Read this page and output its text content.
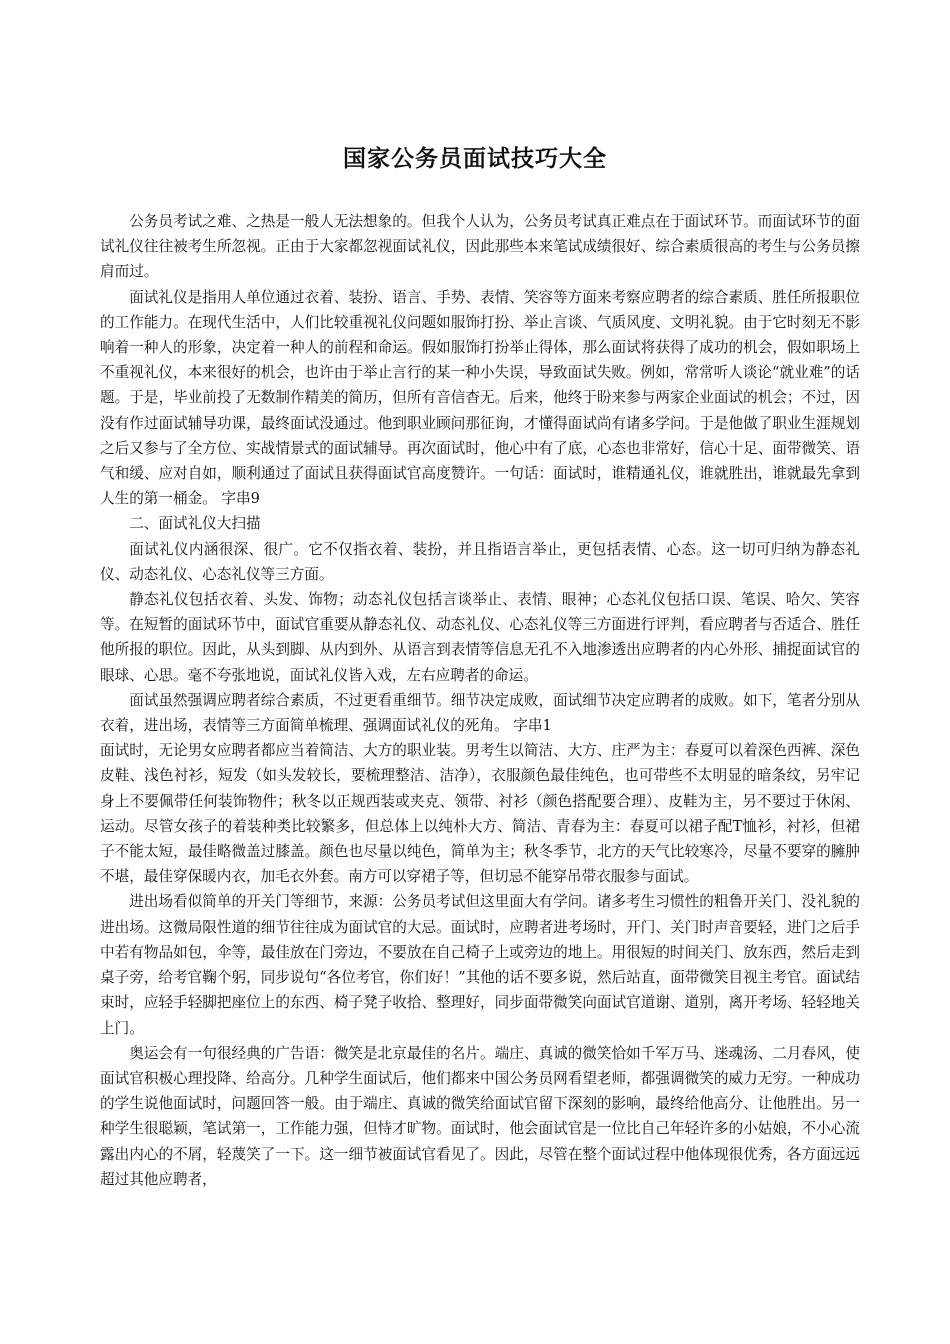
国家公务员面试技巧大全

公务员考试之难、之热是一般人无法想象的。但我个人认为，公务员考试真正难点在于面试环节。而面试环节的面试礼仪往往被考生所忽视。正由于大家都忽视面试礼仪，因此那些本来笔试成绩很好、综合素质很高的考生与公务员擦肩而过。

面试礼仪是指用人单位通过衣着、装扮、语言、手势、表情、笑容等方面来考察应聘者的综合素质、胜任所报职位的工作能力。在现代生活中，人们比较重视礼仪问题如服饰打扮、举止言谈、气质风度、文明礼貌。由于它时刻无不影响着一种人的形象，决定着一种人的前程和命运。假如服饰打扮举止得体，那么面试将获得了成功的机会，假如职场上不重视礼仪，本来很好的机会，也许由于举止言行的某一种小失误，导致面试失败。例如，常常听人谈论“就业难”的话题。于是，毕业前投了无数制作精美的简历，但所有音信杳无。后来，他终于盼来参与两家企业面试的机会；不过，因没有作过面试辅导功课，最终面试没通过。他到职业顾问那征询，才懂得面试尚有诸多学问。于是他做了职业生涯规划之后又参与了全方位、实战情景式的面试辅导。再次面试时，他心中有了底，心态也非常好，信心十足、面带微笑、语气和缓、应对自如，顺利通过了面试且获得面试官高度赞许。一句话：面试时，谁精通礼仪，谁就胜出，谁就最先拿到人生的第一桶金。 字串9

二、面试礼仪大扫描

面试礼仪内涵很深、很广。它不仅指衣着、装扮，并且指语言举止，更包括表情、心态。这一切可归纳为静态礼仪、动态礼仪、心态礼仪等三方面。

静态礼仪包括衣着、头发、饰物；动态礼仪包括言谈举止、表情、眼神；心态礼仪包括口误、笔误、哈欠、笑容等。在短暂的面试环节中，面试官重要从静态礼仪、动态礼仪、心态礼仪等三方面进行评判，看应聘者与否适合、胜任他所报的职位。因此，从头到脚、从内到外、从语言到表情等信息无孔不入地渗透出应聘者的内心外形、捕捉面试官的眼球、心思。毫不夸张地说，面试礼仪皆入戏，左右应聘者的命运。

面试虽然强调应聘者综合素质，不过更看重细节。细节决定成败，面试细节决定应聘者的成败。如下，笔者分别从衣着，进出场，表情等三方面简单梳理、强调面试礼仪的死角。 字串1

面试时，无论男女应聘者都应当着简洁、大方的职业装。男考生以简洁、大方、庄严为主：春夏可以着深色西裤、深色皮鞋、浅色衬衫，短发（如头发较长，要梳理整洁、洁净），衣服颜色最佳纯色，也可带些不太明显的暗条纹，另牢记身上不要佩带任何装饰物件；秋冬以正规西装或夹克、领带、衬衫（颜色搭配要合理）、皮鞋为主，另不要过于休闲、运动。尽管女孩子的着装种类比较繁多，但总体上以纯朴大方、简洁、青春为主：春夏可以裙子配T恤衫，衬衫，但裙子不能太短，最佳略微盖过膝盖。颜色也尽量以纯色，简单为主；秋冬季节，北方的天气比较寒冷，尽量不要穿的臃肿不堪，最佳穿保暖内衣，加毛衣外套。南方可以穿裙子等，但切忌不能穿吊带衣服参与面试。

进出场看似简单的开关门等细节，来源：公务员考试但这里面大有学问。诸多考生习惯性的粗鲁开关门、没礼貌的进出场。这微局限性道的细节往往成为面试官的大忌。面试时，应聘者进考场时，开门、关门时声音要轻，进门之后手中若有物品如包，伞等，最佳放在门旁边，不要放在自己椅子上或旁边的地上。用很短的时间关门、放东西，然后走到桌子旁，给考官鞠个躬，同步说句“各位考官，你们好！”其他的话不要多说，然后站直，面带微笑目视主考官。面试结束时，应轻手轻脚把座位上的东西、椅子凳子收拾、整理好，同步面带微笑向面试官道谢、道别，离开考场、轻轻地关上门。

奥运会有一句很经典的广告语：微笑是北京最佳的名片。端庄、真诚的微笑恰如千军万马、迷魂汤、二月春风，使面试官积极心理投降、给高分。几种学生面试后，他们都来中国公务员网看望老师，都强调微笑的威力无穷。一种成功的学生说他面试时，问题回答一般。由于端庄、真诚的微笑给面试官留下深刻的影响，最终给他高分、让他胜出。另一种学生很聪颖，笔试第一，工作能力强，但恃才旷物。面试时，他会面试官是一位比自己年轻许多的小姑娘，不小心流露出内心的不屑，轻蔑笑了一下。这一细节被面试官看见了。因此，尽管在整个面试过程中他体现很优秀，各方面远远超过其他应聘者，
